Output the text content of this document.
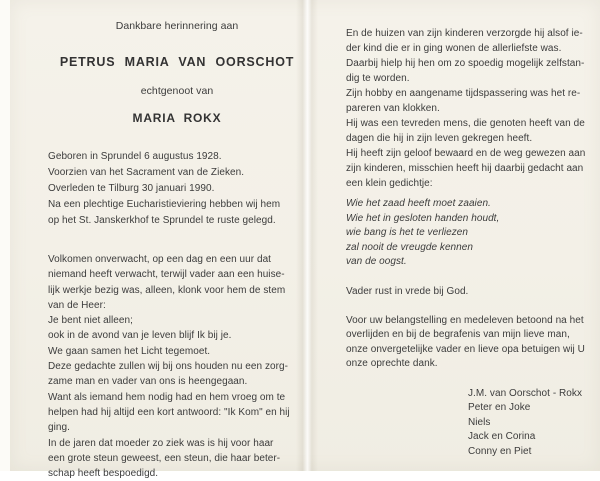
Dankbare herinnering aan
PETRUS MARIA VAN OORSCHOT
echtgenoot van
MARIA ROKX
Geboren in Sprundel 6 augustus 1928.
Voorzien van het Sacrament van de Zieken.
Overleden te Tilburg 30 januari 1990.
Na een plechtige Eucharistieviering hebben wij hem
op het St. Janskerkhof te Sprundel te ruste gelegd.
Volkomen onverwacht, op een dag en een uur dat
niemand heeft verwacht, terwijl vader aan een huise-
lijk werkje bezig was, alleen, klonk voor hem de stem
van de Heer:
Je bent niet alleen;
ook in de avond van je leven blijf Ik bij je.
We gaan samen het Licht tegemoet.
Deze gedachte zullen wij bij ons houden nu een zorg-
zame man en vader van ons is heengegaan.
Want als iemand hem nodig had en hem vroeg om te
helpen had hij altijd een kort antwoord: "Ik Kom" en hij
ging.
In de jaren dat moeder zo ziek was is hij voor haar
een grote steun geweest, een steun, die haar beter-
schap heeft bespoedigd.
En de huizen van zijn kinderen verzorgde hij alsof ie-
der kind die er in ging wonen de allerliefste was.
Daarbij hielp hij hen om zo spoedig mogelijk zelfstan-
dig te worden.
Zijn hobby en aangename tijdspassering was het re-
pareren van klokken.
Hij was een tevreden mens, die genoten heeft van de
dagen die hij in zijn leven gekregen heeft.
Hij heeft zijn geloof bewaard en de weg gewezen aan
zijn kinderen, misschien heeft hij daarbij gedacht aan
een klein gedichtje:
Wie het zaad heeft moet zaaien.
Wie het in gesloten handen houdt,
wie bang is het te verliezen
zal nooit de vreugde kennen
van de oogst.
Vader rust in vrede bij God.
Voor uw belangstelling en medeleven betoond na het
overlijden en bij de begrafenis van mijn lieve man,
onze onvergetelijke vader en lieve opa betuigen wij U
onze oprechte dank.
J.M. van Oorschot - Rokx
Peter en Joke
Niels
Jack en Corina
Conny en Piet
